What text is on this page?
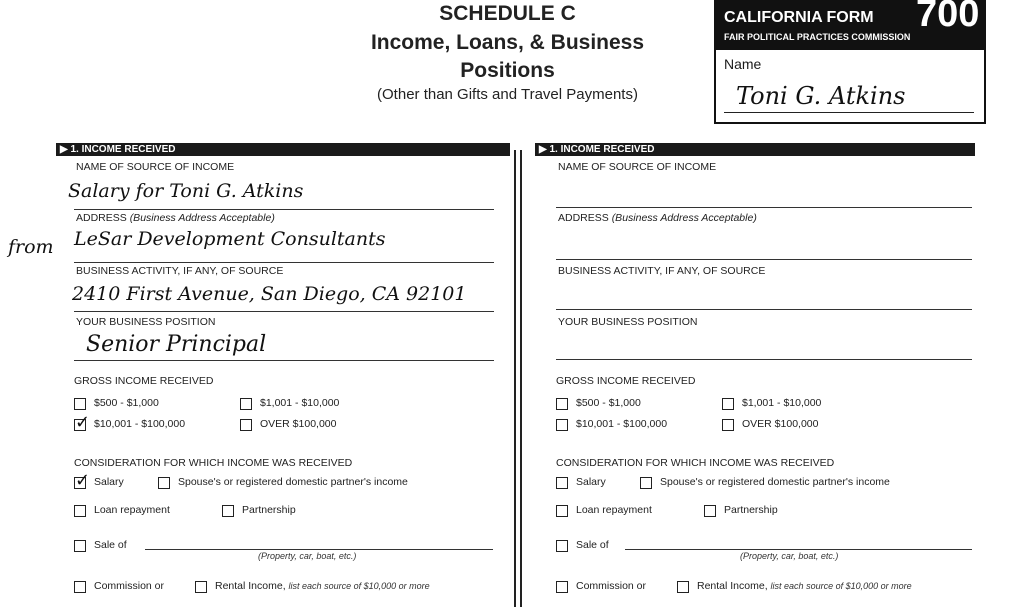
SCHEDULE C
Income, Loans, & Business
Positions
(Other than Gifts and Travel Payments)
CALIFORNIA FORM 700
FAIR POLITICAL PRACTICES COMMISSION
Name
Toni G. Atkins
▶ 1. INCOME RECEIVED	▶ 1. INCOME RECEIVED
NAME OF SOURCE OF INCOME
Salary for Toni G. Atkins
ADDRESS (Business Address Acceptable)
from LeSar Development Consultants
BUSINESS ACTIVITY, IF ANY, OF SOURCE
2410 First Avenue, San Diego, CA 92101
YOUR BUSINESS POSITION
Senior Principal
GROSS INCOME RECEIVED
$500 - $1,000	$1,001 - $10,000
✓ $10,001 - $100,000	OVER $100,000
CONSIDERATION FOR WHICH INCOME WAS RECEIVED
✓ Salary	Spouse's or registered domestic partner's income
Loan repayment	Partnership
Sale of
(Property, car, boat, etc.)
Commission or	Rental Income, list each source of $10,000 or more
NAME OF SOURCE OF INCOME
ADDRESS (Business Address Acceptable)
BUSINESS ACTIVITY, IF ANY, OF SOURCE
YOUR BUSINESS POSITION
GROSS INCOME RECEIVED
$500 - $1,000	$1,001 - $10,000
$10,001 - $100,000	OVER $100,000
CONSIDERATION FOR WHICH INCOME WAS RECEIVED
Salary	Spouse's or registered domestic partner's income
Loan repayment	Partnership
Sale of
(Property, car, boat, etc.)
Commission or	Rental Income, list each source of $10,000 or more
